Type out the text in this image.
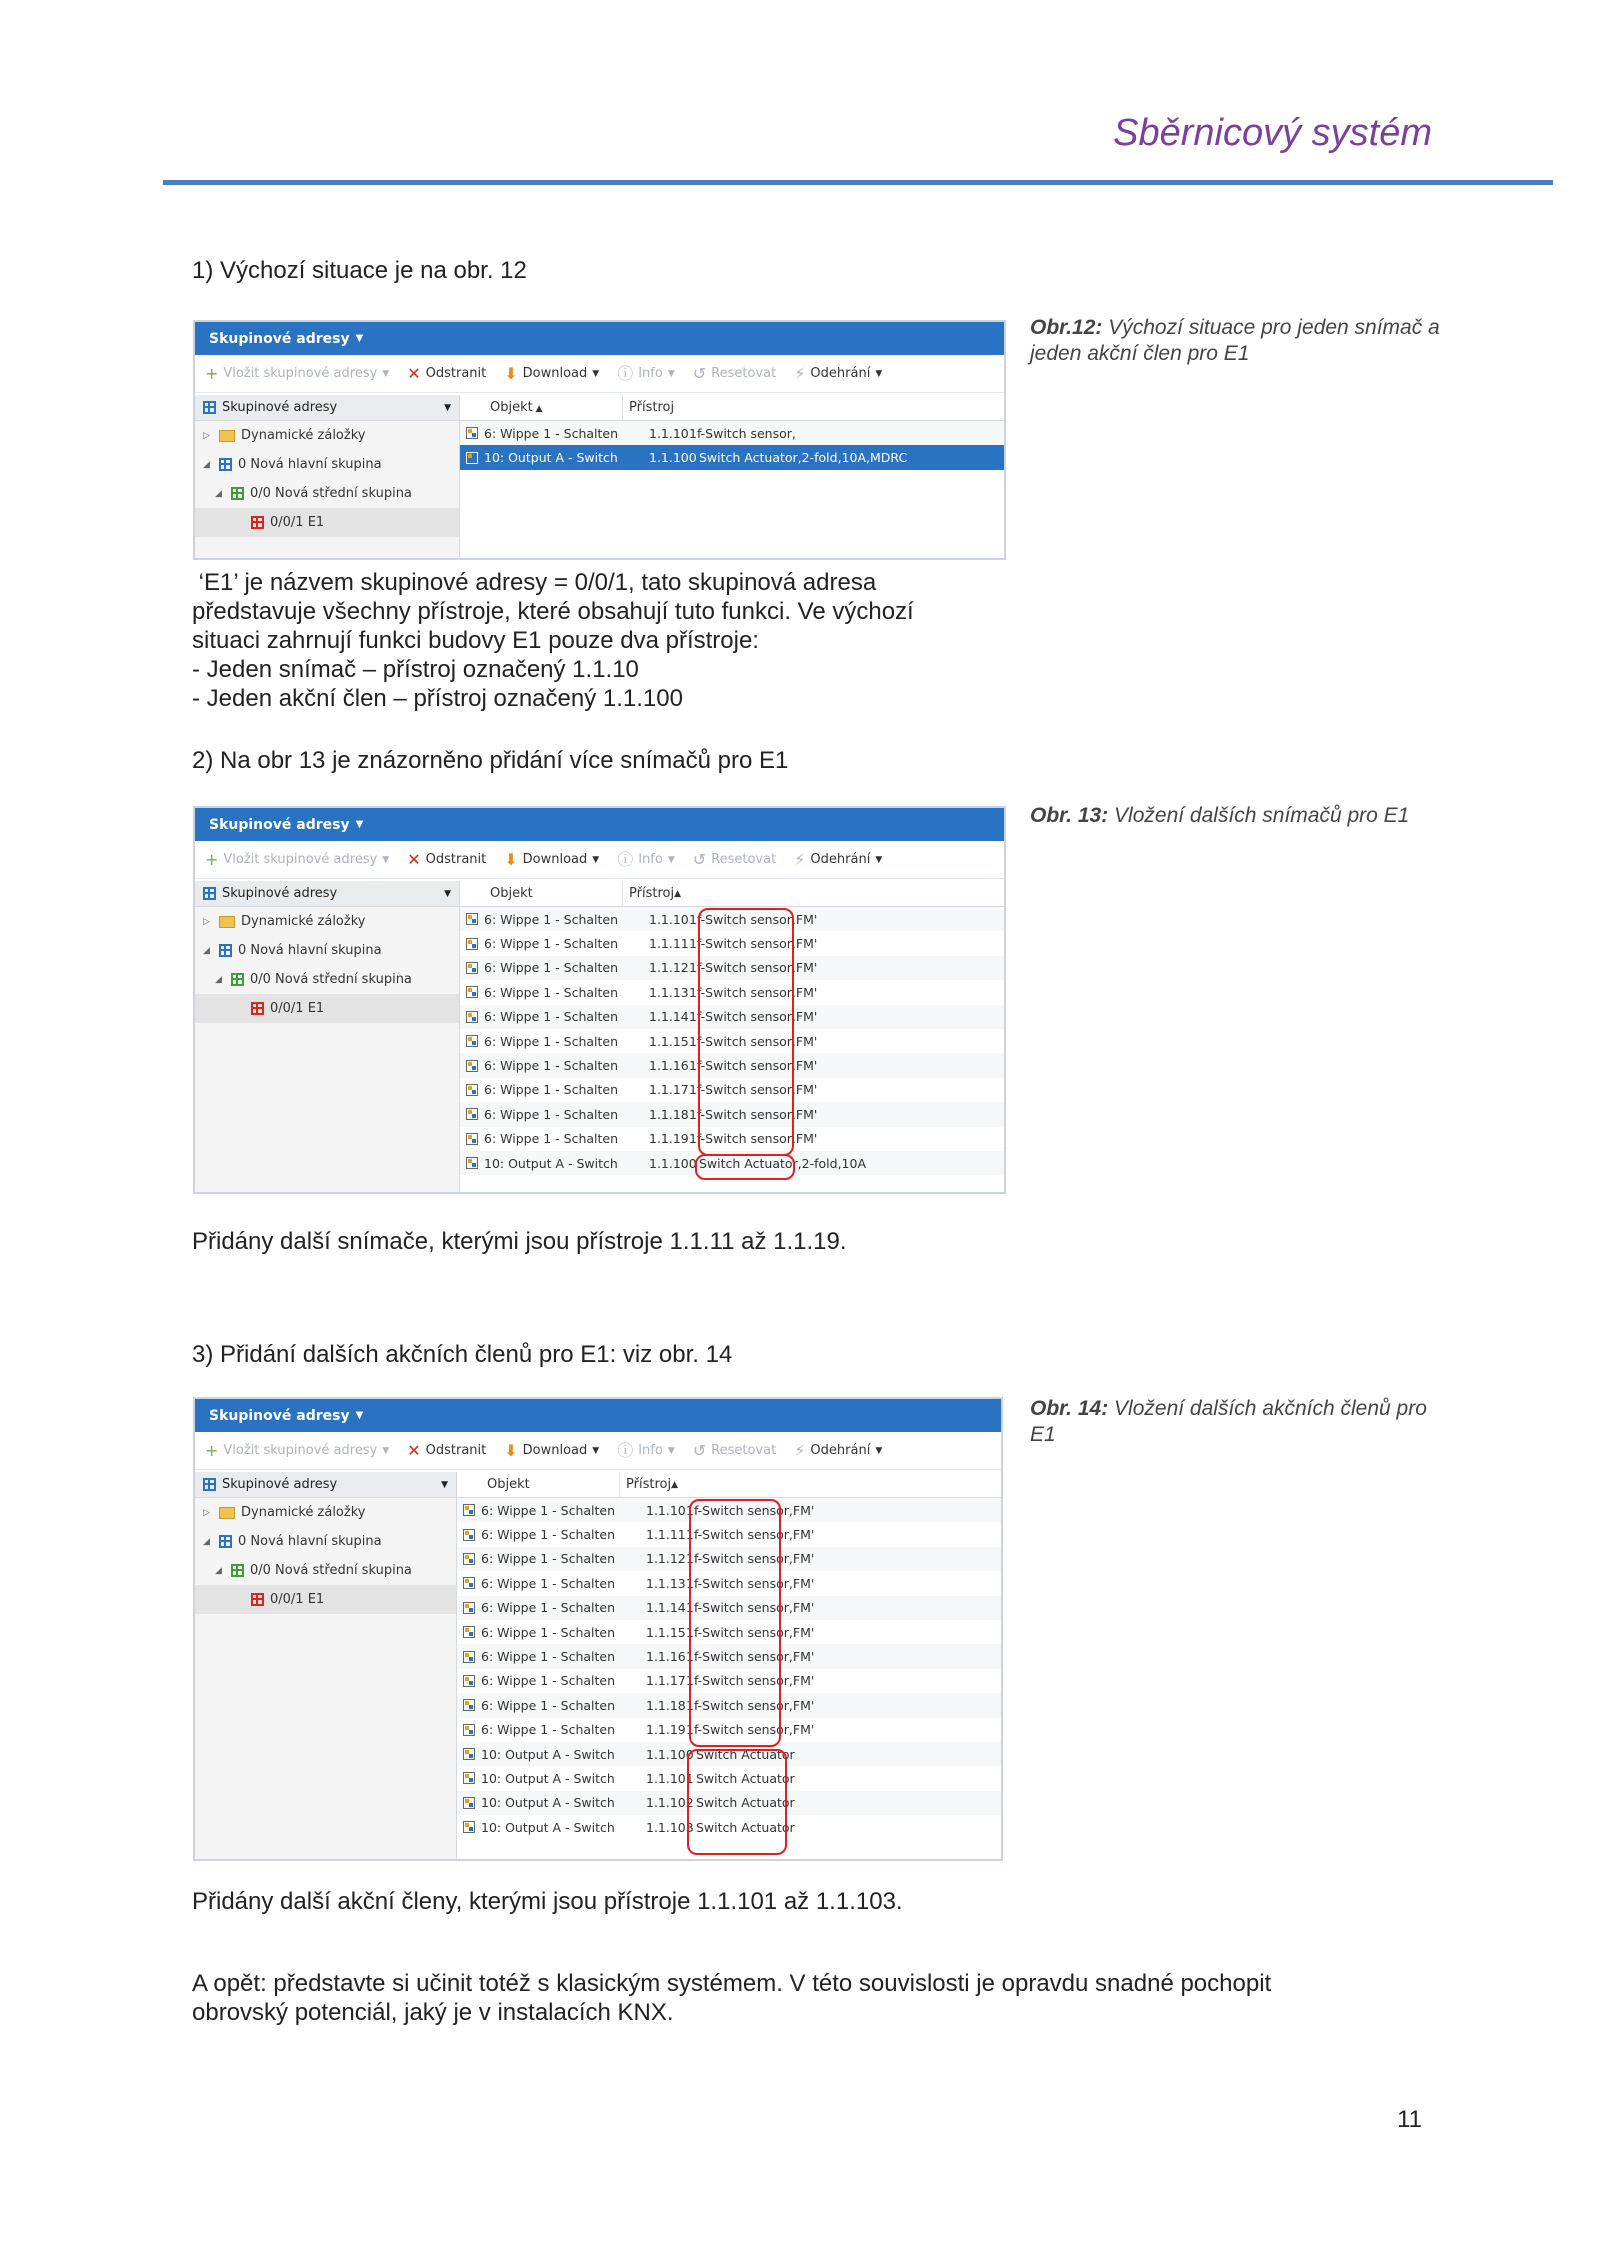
Sběrnicový systém
1) Výchozí situace je na obr. 12
Skupinové adresy ▼
+ Vložit skupinové adresy ▼ ✕ Odstranit ⬇ Download ▼ ⓘ Info ▼ ↺ Resetovat ⚡ Odehrání ▼
Skupinové adresy	▼
▷ Dynamické záložky
◢ 0 Nová hlavní skupina
◢ 0/0 Nová střední skupina
0/0/1 E1
Objekt ▲	Přístroj
6: Wippe 1 - Schalten	1.1.10 1f-Switch sensor,
10: Output A - Switch	1.1.100 Switch Actuator,2-fold,10A,MDRC
Obr.12: Výchozí situace pro jeden snímač a jeden akční člen pro E1
‘E1’ je názvem skupinové adresy = 0/0/1, tato skupinová adresa
představuje všechny přístroje, které obsahují tuto funkci. Ve výchozí
situaci zahrnují funkci budovy E1 pouze dva přístroje:
- Jeden snímač – přístroj označený 1.1.10
- Jeden akční člen – přístroj označený 1.1.100
2) Na obr 13 je znázorněno přidání více snímačů pro E1
Skupinové adresy ▼
+ Vložit skupinové adresy ▼ ✕ Odstranit ⬇ Download ▼ ⓘ Info ▼ ↺ Resetovat ⚡ Odehrání ▼
Skupinové adresy	▼
▷ Dynamické záložky
◢ 0 Nová hlavní skupina
◢ 0/0 Nová střední skupina
0/0/1 E1
Objekt	Přístroj ▲
6: Wippe 1 - Schalten	1.1.10 1f-Switch sensor,FM'
6: Wippe 1 - Schalten	1.1.11 1f-Switch sensor,FM'
6: Wippe 1 - Schalten	1.1.12 1f-Switch sensor,FM'
6: Wippe 1 - Schalten	1.1.13 1f-Switch sensor,FM'
6: Wippe 1 - Schalten	1.1.14 1f-Switch sensor,FM'
6: Wippe 1 - Schalten	1.1.15 1f-Switch sensor,FM'
6: Wippe 1 - Schalten	1.1.16 1f-Switch sensor,FM'
6: Wippe 1 - Schalten	1.1.17 1f-Switch sensor,FM'
6: Wippe 1 - Schalten	1.1.18 1f-Switch sensor,FM'
6: Wippe 1 - Schalten	1.1.19 1f-Switch sensor,FM'
10: Output A - Switch	1.1.100 Switch Actuator,2-fold,10A
Obr. 13: Vložení dalších snímačů pro E1
Přidány další snímače, kterými jsou přístroje 1.1.11 až 1.1.19.
3) Přidání dalších akčních členů pro E1: viz obr. 14
Skupinové adresy ▼
+ Vložit skupinové adresy ▼ ✕ Odstranit ⬇ Download ▼ ⓘ Info ▼ ↺ Resetovat ⚡ Odehrání ▼
Skupinové adresy	▼
▷ Dynamické záložky
◢ 0 Nová hlavní skupina
◢ 0/0 Nová střední skupina
0/0/1 E1
Objekt	Přístroj ▲
6: Wippe 1 - Schalten	1.1.10 1f-Switch sensor,FM'
6: Wippe 1 - Schalten	1.1.11 1f-Switch sensor,FM'
6: Wippe 1 - Schalten	1.1.12 1f-Switch sensor,FM'
6: Wippe 1 - Schalten	1.1.13 1f-Switch sensor,FM'
6: Wippe 1 - Schalten	1.1.14 1f-Switch sensor,FM'
6: Wippe 1 - Schalten	1.1.15 1f-Switch sensor,FM'
6: Wippe 1 - Schalten	1.1.16 1f-Switch sensor,FM'
6: Wippe 1 - Schalten	1.1.17 1f-Switch sensor,FM'
6: Wippe 1 - Schalten	1.1.18 1f-Switch sensor,FM'
6: Wippe 1 - Schalten	1.1.19 1f-Switch sensor,FM'
10: Output A - Switch	1.1.100 Switch Actuator
10: Output A - Switch	1.1.101 Switch Actuator
10: Output A - Switch	1.1.102 Switch Actuator
10: Output A - Switch	1.1.103 Switch Actuator
Obr. 14: Vložení dalších akčních členů pro E1
Přidány další akční členy, kterými jsou přístroje 1.1.101 až 1.1.103.
A opět: představte si učinit totéž s klasickým systémem. V této souvislosti je opravdu snadné pochopit
obrovský potenciál, jaký je v instalacích KNX.
11
